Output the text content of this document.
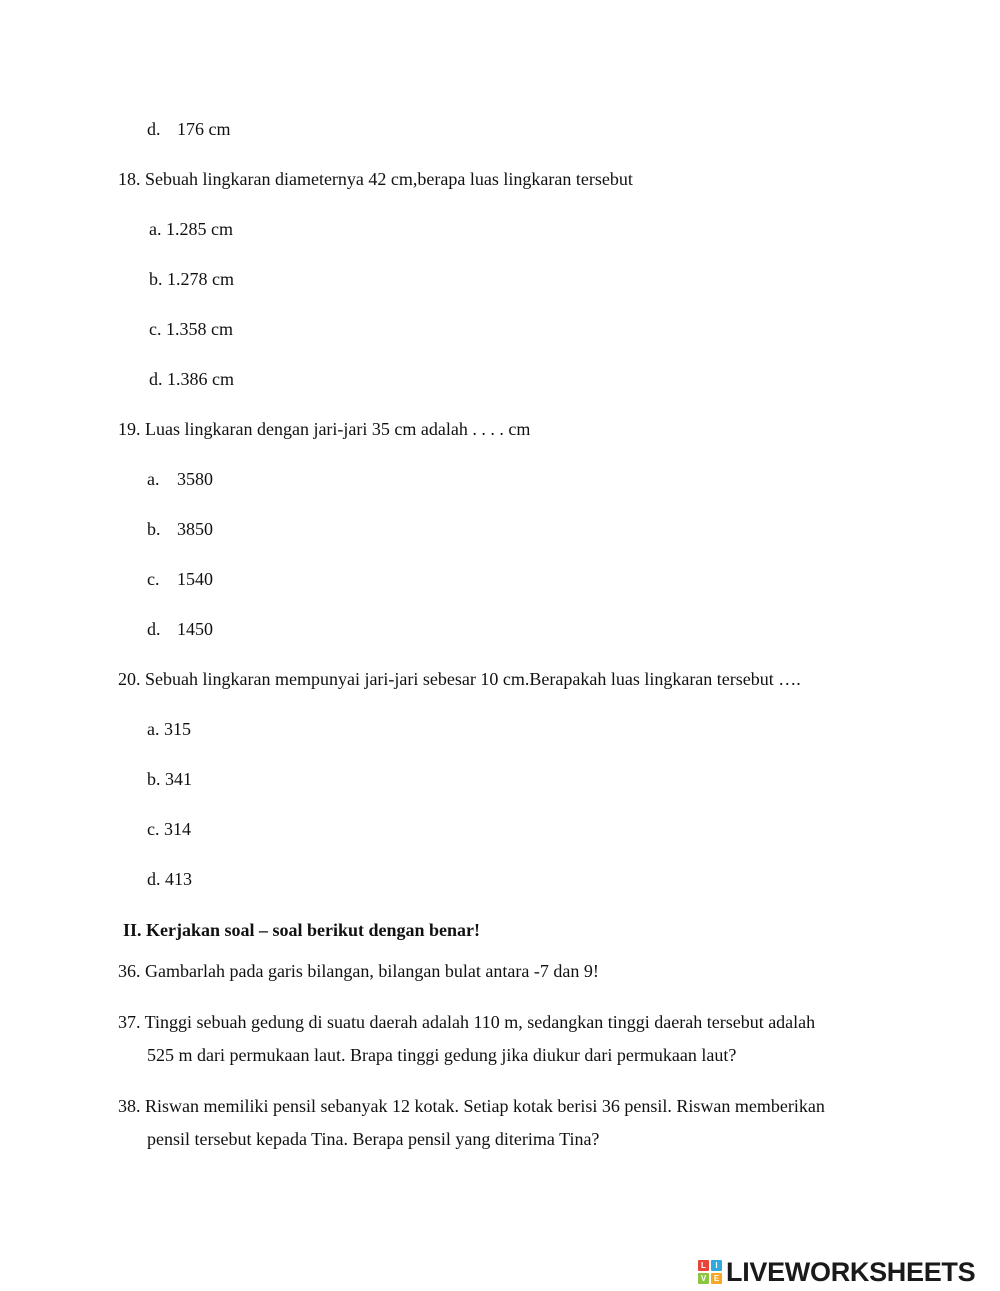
d. 176 cm
18. Sebuah lingkaran diameternya 42 cm,berapa luas lingkaran tersebut
a. 1.285 cm
b. 1.278 cm
c. 1.358 cm
d. 1.386 cm
19. Luas lingkaran dengan jari-jari 35 cm adalah . . . . cm
a. 3580
b. 3850
c. 1540
d. 1450
20. Sebuah lingkaran mempunyai jari-jari sebesar 10 cm.Berapakah luas lingkaran tersebut ….
a. 315
b. 341
c. 314
d. 413
II. Kerjakan soal – soal berikut dengan benar!
36. Gambarlah pada garis bilangan, bilangan bulat antara -7 dan 9!
37. Tinggi sebuah gedung di suatu daerah adalah 110 m, sedangkan tinggi daerah tersebut adalah
525 m dari permukaan laut. Brapa tinggi gedung jika diukur dari permukaan laut?
38. Riswan memiliki pensil sebanyak 12 kotak. Setiap kotak berisi 36 pensil. Riswan memberikan
pensil tersebut kepada Tina. Berapa pensil yang diterima Tina?
L	I
V E LIVEWORKSHEETS
